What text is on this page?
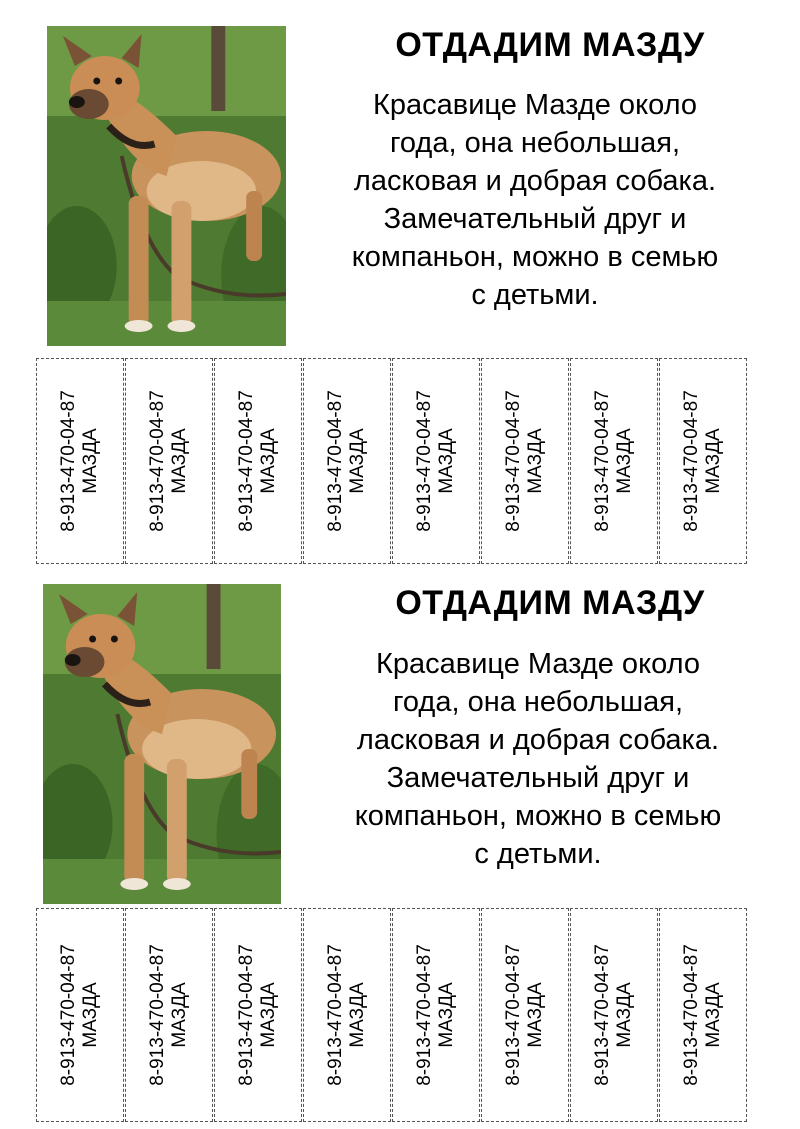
ОТДАДИМ МАЗДУ
Красавице Мазде около
года, она небольшая,
ласковая и добрая собака.
Замечательный друг и
компаньон, можно в семью
с детьми.
8-913-470-04-87 МАЗДА 8-913-470-04-87 МАЗДА 8-913-470-04-87 МАЗДА 8-913-470-04-87 МАЗДА 8-913-470-04-87 МАЗДА 8-913-470-04-87 МАЗДА 8-913-470-04-87 МАЗДА 8-913-470-04-87 МАЗДА
ОТДАДИМ МАЗДУ
Красавице Мазде около
года, она небольшая,
ласковая и добрая собака.
Замечательный друг и
компаньон, можно в семью
с детьми.
8-913-470-04-87 МАЗДА 8-913-470-04-87 МАЗДА 8-913-470-04-87 МАЗДА 8-913-470-04-87 МАЗДА 8-913-470-04-87 МАЗДА 8-913-470-04-87 МАЗДА 8-913-470-04-87 МАЗДА 8-913-470-04-87 МАЗДА
